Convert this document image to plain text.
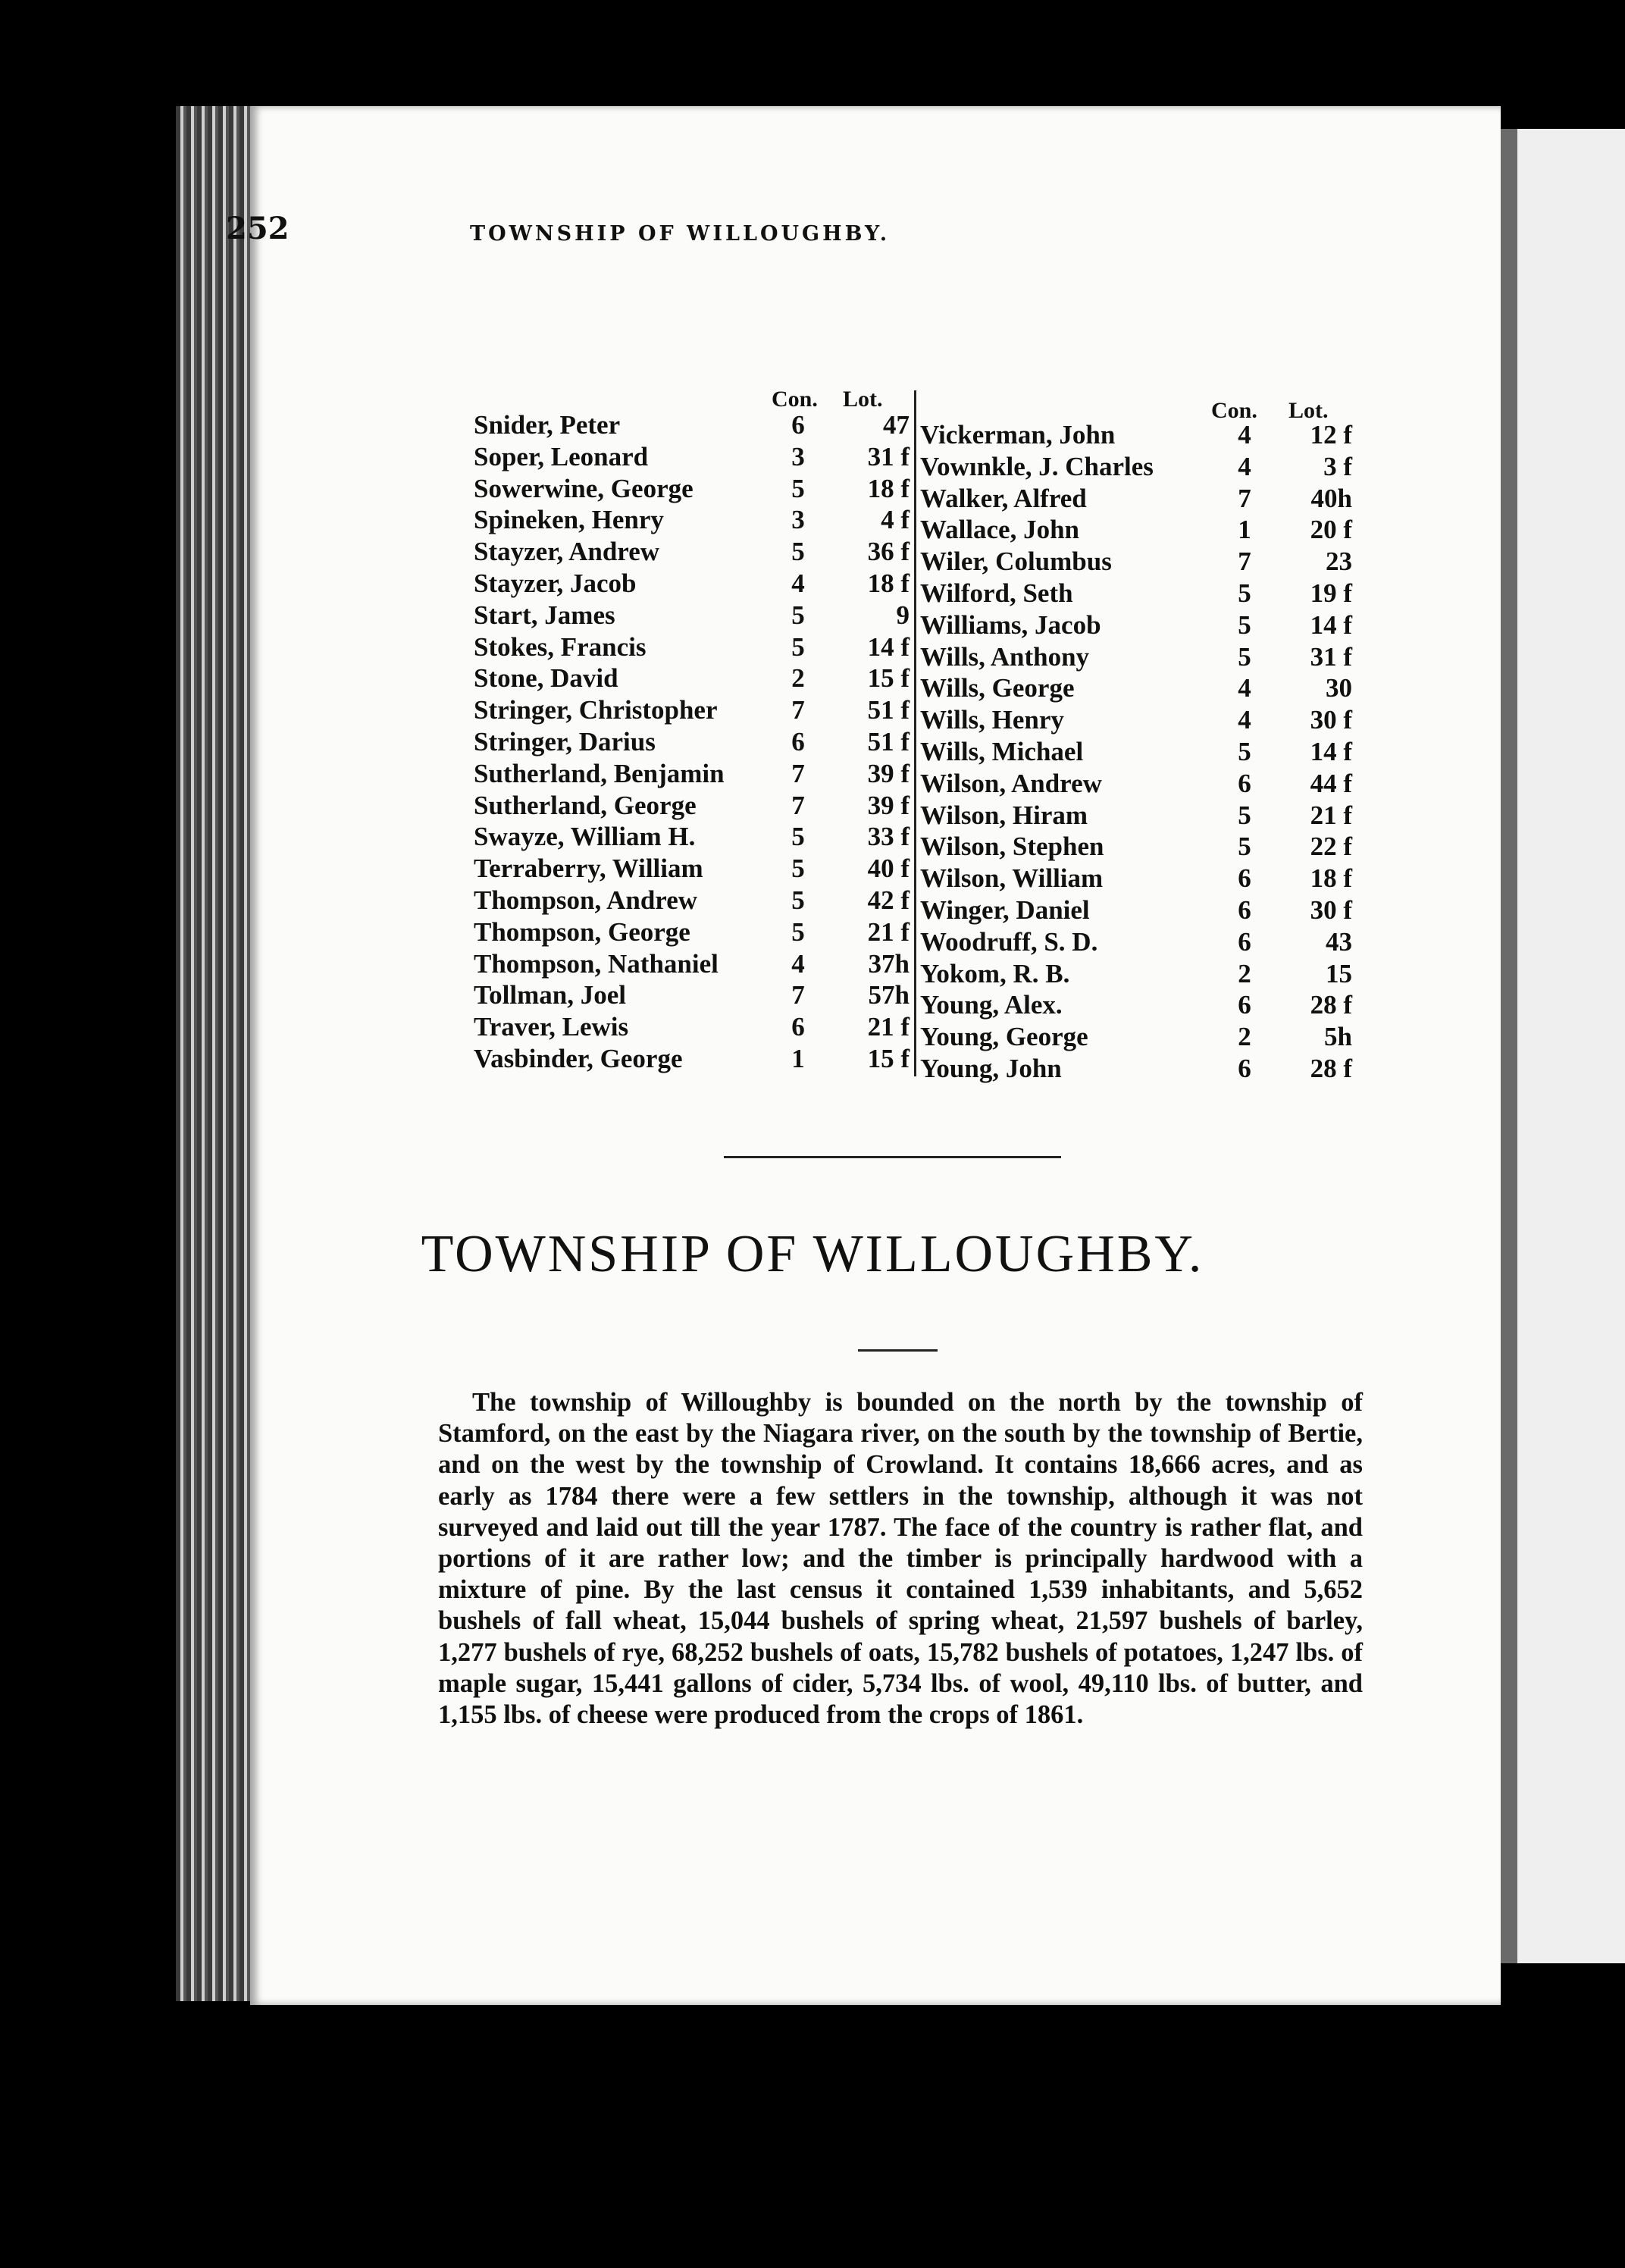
252	TOWNSHIP OF WILLOUGHBY.
Con. Lot.	Con. Lot.
Snider, Peter	6	47
Soper, Leonard	3	31 f
Sowerwine, George	5	18 f
Spineken, Henry	3	4 f
Stayzer, Andrew	5	36 f
Stayzer, Jacob	4	18 f
Start, James	5	9
Stokes, Francis	5	14 f
Stone, David	2	15 f
Stringer, Christopher	7	51 f
Stringer, Darius	6	51 f
Sutherland, Benjamin	7	39 f
Sutherland, George	7	39 f
Swayze, William H.	5	33 f
Terraberry, William	5	40 f
Thompson, Andrew	5	42 f
Thompson, George	5	21 f
Thompson, Nathaniel	4	37h
Tollman, Joel	7	57h
Traver, Lewis	6	21 f
Vasbinder, George	1	15 f
Vickerman, John	4	12 f
Vowınkle, J. Charles	4	3 f
Walker, Alfred	7	40h
Wallace, John	1	20 f
Wiler, Columbus	7	23
Wilford, Seth	5	19 f
Williams, Jacob	5	14 f
Wills, Anthony	5	31 f
Wills, George	4	30
Wills, Henry	4	30 f
Wills, Michael	5	14 f
Wilson, Andrew	6	44 f
Wilson, Hiram	5	21 f
Wilson, Stephen	5	22 f
Wilson, William	6	18 f
Winger, Daniel	6	30 f
Woodruff, S. D.	6	43
Yokom, R. B.	2	15
Young, Alex.	6	28 f
Young, George	2	5h
Young, John	6	28 f
TOWNSHIP OF WILLOUGHBY.
The township of Willoughby is bounded on the north by the township of Stamford, on the east by the Niagara river, on the south by the township of Bertie, and on the west by the township of Crowland. It contains 18,666 acres, and as early as 1784 there were a few settlers in the township, although it was not surveyed and laid out till the year 1787. The face of the country is rather flat, and portions of it are rather low; and the timber is principally hardwood with a mixture of pine. By the last census it contained 1,539 inhabitants, and 5,652 bushels of fall wheat, 15,044 bushels of spring wheat, 21,597 bushels of barley, 1,277 bushels of rye, 68,252 bushels of oats, 15,782 bushels of potatoes, 1,247 lbs. of maple sugar, 15,441 gallons of cider, 5,734 lbs. of wool, 49,110 lbs. of butter, and 1,155 lbs. of cheese were produced from the crops of 1861.
